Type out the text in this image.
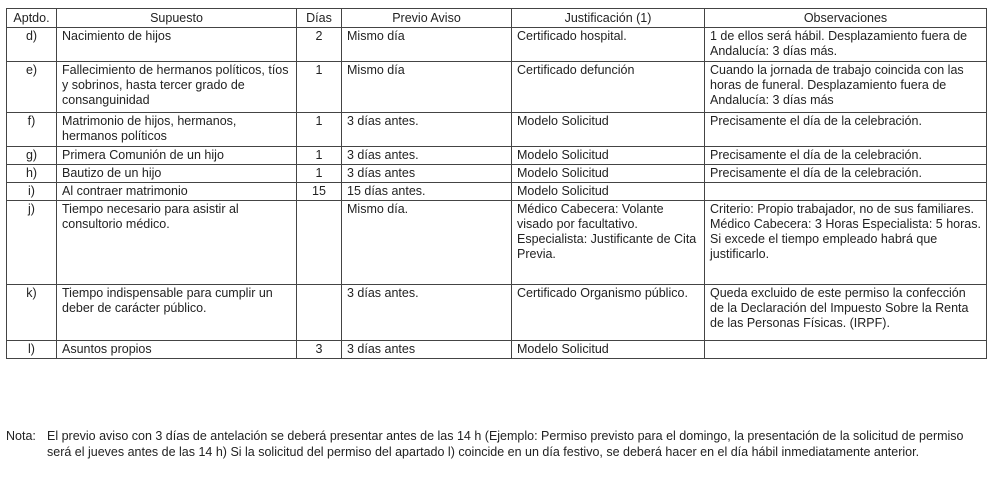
Aptdo.	Supuesto	Días	Previo Aviso	Justificación (1)	Observaciones
d)	Nacimiento de hijos	2	Mismo día	Certificado hospital.	1 de ellos será hábil. Desplazamiento fuera de Andalucía: 3 días más.
e)	Fallecimiento de hermanos políticos, tíos y sobrinos, hasta tercer grado de consanguinidad	1	Mismo día	Certificado defunción	Cuando la jornada de trabajo coincida con las horas de funeral. Desplazamiento fuera de Andalucía: 3 días más
f)	Matrimonio de hijos, hermanos, hermanos políticos	1	3 días antes.	Modelo Solicitud	Precisamente el día de la celebración.
g)	Primera Comunión de un hijo	1	3 días antes.	Modelo Solicitud	Precisamente el día de la celebración.
h)	Bautizo de un hijo	1	3 días antes	Modelo Solicitud	Precisamente el día de la celebración.
i)	Al contraer matrimonio	15	15 días antes.	Modelo Solicitud	
j)	Tiempo necesario para asistir al consultorio médico.		Mismo día.	Médico Cabecera: Volante visado por facultativo. Especialista: Justificante de Cita Previa.	Criterio: Propio trabajador, no de sus familiares. Médico Cabecera: 3 Horas Especialista: 5 horas. Si excede el tiempo empleado habrá que justificarlo.
k)	Tiempo indispensable para cumplir un deber de carácter público.		3 días antes.	Certificado Organismo público.	Queda excluido de este permiso la confección de la Declaración del Impuesto Sobre la Renta de las Personas Físicas. (IRPF).
l)	Asuntos propios	3	3 días antes	Modelo Solicitud	
Nota: El previo aviso con 3 días de antelación se deberá presentar antes de las 14 h (Ejemplo: Permiso previsto para el domingo, la presentación de la solicitud de permiso será el jueves antes de las 14 h) Si la solicitud del permiso del apartado l) coincide en un día festivo, se deberá hacer en el día hábil inmediatamente anterior.
